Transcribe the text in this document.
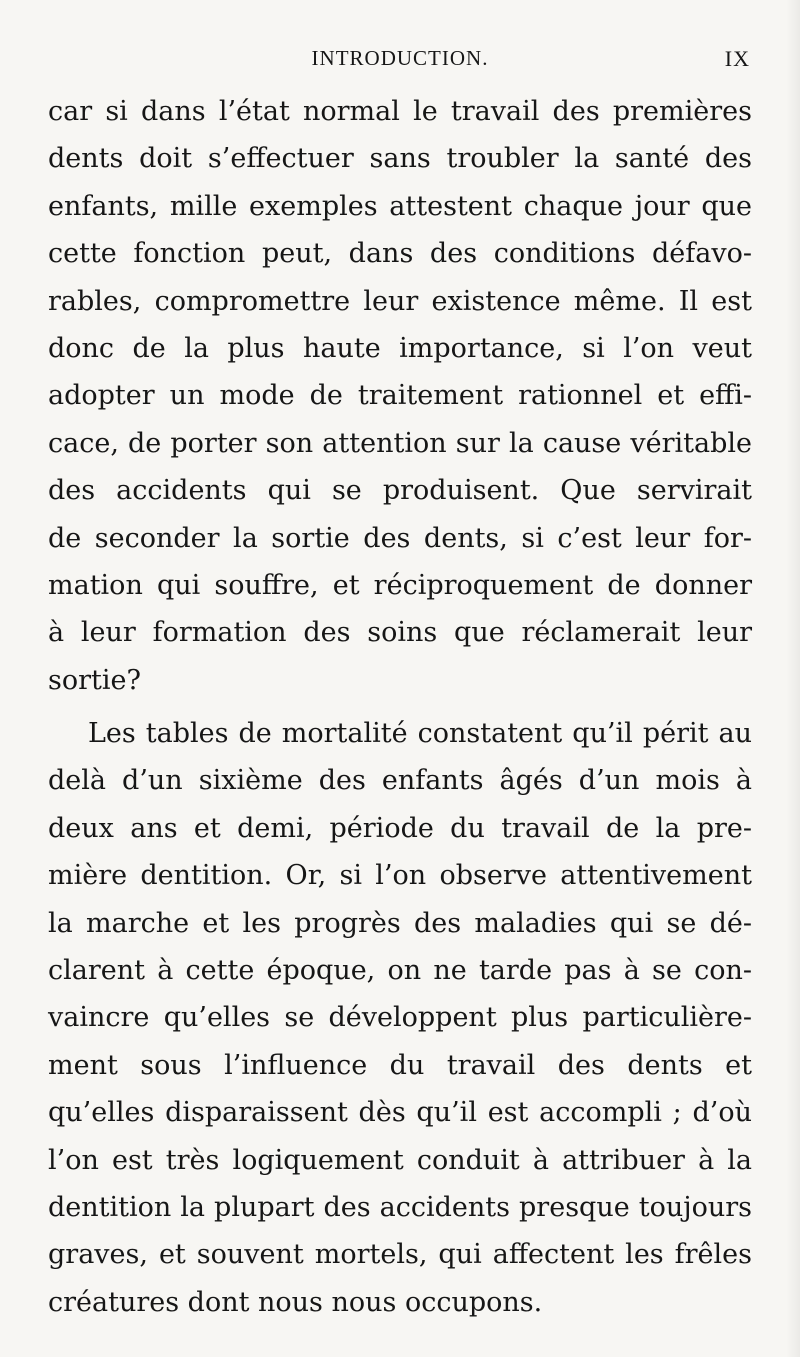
INTRODUCTION.	IX
car si dans l’état normal le travail des premières
dents doit s’effectuer sans troubler la santé des
enfants, mille exemples attestent chaque jour que
cette fonction peut, dans des conditions défavo-
rables, compromettre leur existence même. Il est
donc de la plus haute importance, si l’on veut
adopter un mode de traitement rationnel et effi-
cace, de porter son attention sur la cause véritable
des accidents qui se produisent. Que servirait
de seconder la sortie des dents, si c’est leur for-
mation qui souffre, et réciproquement de donner
à leur formation des soins que réclamerait leur
sortie?
Les tables de mortalité constatent qu’il périt au
delà d’un sixième des enfants âgés d’un mois à
deux ans et demi, période du travail de la pre-
mière dentition. Or, si l’on observe attentivement
la marche et les progrès des maladies qui se dé-
clarent à cette époque, on ne tarde pas à se con-
vaincre qu’elles se développent plus particulière-
ment sous l’influence du travail des dents et
qu’elles disparaissent dès qu’il est accompli ; d’où
l’on est très logiquement conduit à attribuer à la
dentition la plupart des accidents presque toujours
graves, et souvent mortels, qui affectent les frêles
créatures dont nous nous occupons.
